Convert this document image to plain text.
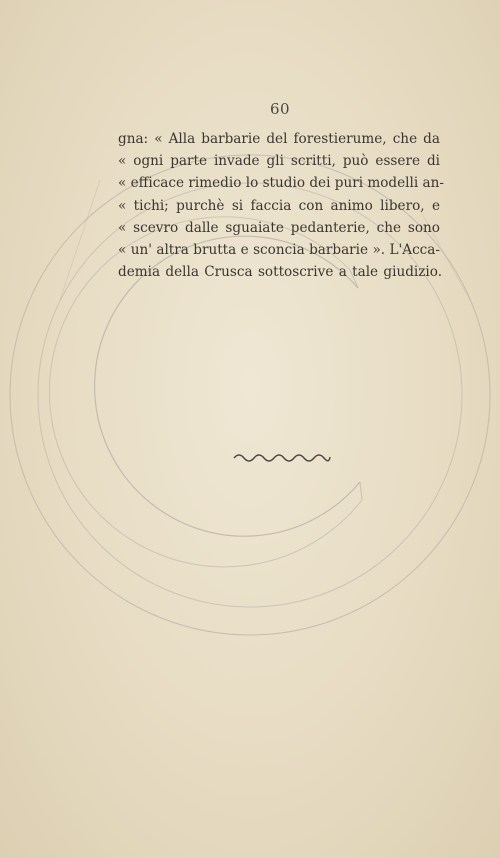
60
gna: « Alla barbarie del forestierume, che da
« ogni parte invade gli scritti, può essere di
« efficace rimedio lo studio dei puri modelli an-
« tichi; purchè si faccia con animo libero, e
« scevro dalle sguaiate pedanterie, che sono
« un' altra brutta e sconcia barbarie ». L'Acca-
demia della Crusca sottoscrive a tale giudizio.
